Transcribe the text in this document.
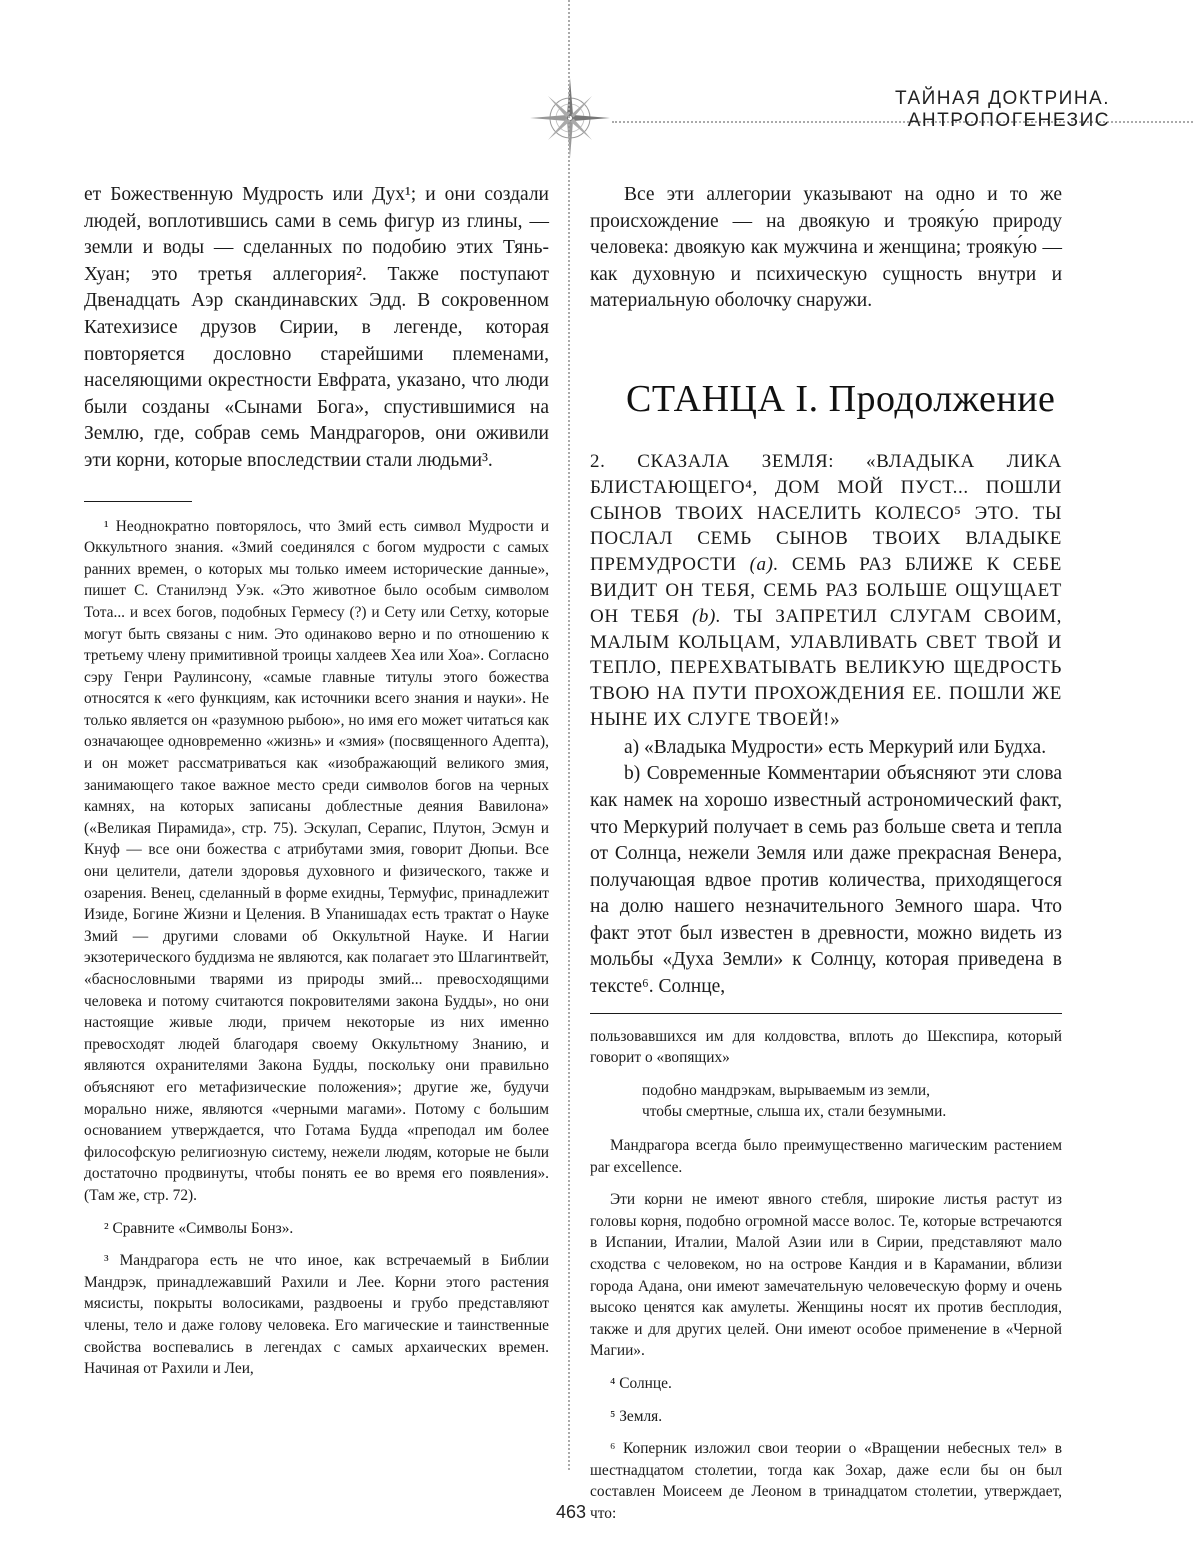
ТАЙНАЯ ДОКТРИНА. АНТРОПОГЕНЕЗИС

ет Божественную Мудрость или Дух¹; и они создали людей, воплотившись сами в семь фигур из глины, — земли и воды — сделанных по подобию этих Тянь-Хуан; это третья аллегория². Также поступают Двенадцать Аэр скандинавских Эдд. В сокровенном Катехизисе друзов Сирии, в легенде, которая повторяется дословно старейшими племенами, населяющими окрестности Евфрата, указано, что люди были созданы «Сынами Бога», спустившимися на Землю, где, собрав семь Мандрагоров, они оживили эти корни, которые впоследствии стали людьми³.

¹ Неоднократно повторялось, что Змий есть символ Мудрости и Оккультного знания. «Змий соединялся с богом мудрости с самых ранних времен, о которых мы только имеем исторические данные», пишет С. Станилэнд Уэк. «Это животное было особым символом Тота... и всех богов, подобных Гермесу (?) и Сету или Сетху, которые могут быть связаны с ним. Это одинаково верно и по отношению к третьему члену примитивной троицы халдеев Хеа или Хоа». Согласно сэру Генри Раулинсону, «самые главные титулы этого божества относятся к «его функциям, как источники всего знания и науки». Не только является он «разумною рыбою», но имя его может читаться как означающее одновременно «жизнь» и «змия» (посвященного Адепта), и он может рассматриваться как «изображающий великого змия, занимающего такое важное место среди символов богов на черных камнях, на которых записаны доблестные деяния Вавилона» («Великая Пирамида», стр. 75). Эскулап, Серапис, Плутон, Эсмун и Кнуф — все они божества с атрибутами змия, говорит Дюпьи. Все они целители, датели здоровья духовного и физического, также и озарения. Венец, сделанный в форме ехидны, Термуфис, принадлежит Изиде, Богине Жизни и Целения. В Упанишадах есть трактат о Науке Змий — другими словами об Оккультной Науке. И Нагии экзотерического буддизма не являются, как полагает это Шлагинтвейт, «баснословными тварями из природы змий... превосходящими человека и потому считаются покровителями закона Будды», но они настоящие живые люди, причем некоторые из них именно превосходят людей благодаря своему Оккультному Знанию, и являются охранителями Закона Будды, поскольку они правильно объясняют его метафизические положения»; другие же, будучи морально ниже, являются «черными магами». Потому с большим основанием утверждается, что Готама Будда «преподал им более философскую религиозную систему, нежели людям, которые не были достаточно продвинуты, чтобы понять ее во время его появления». (Там же, стр. 72).

² Сравните «Символы Бонз».

³ Мандрагора есть не что иное, как встречаемый в Библии Мандрэк, принадлежавший Рахили и Лее. Корни этого растения мясисты, покрыты волосиками, раздвоены и грубо представляют члены, тело и даже голову человека. Его магические и таинственные свойства воспевались в легендах с самых архаических времен. Начиная от Рахили и Леи,

Все эти аллегории указывают на одно и то же происхождение — на двоякую и трояку́ю природу человека: двоякую как мужчина и женщина; трояку́ю — как духовную и психическую сущность внутри и материальную оболочку снаружи.

СТАНЦА I. Продолжение

2. СКАЗАЛА ЗЕМЛЯ: «ВЛАДЫКА ЛИКА БЛИСТАЮЩЕГО⁴, ДОМ МОЙ ПУСТ... ПОШЛИ СЫНОВ ТВОИХ НАСЕЛИТЬ КОЛЕСО⁵ ЭТО. ТЫ ПОСЛАЛ СЕМЬ СЫНОВ ТВОИХ ВЛАДЫКЕ ПРЕМУДРОСТИ (a). СЕМЬ РАЗ БЛИЖЕ К СЕБЕ ВИДИТ ОН ТЕБЯ, СЕМЬ РАЗ БОЛЬШЕ ОЩУЩАЕТ ОН ТЕБЯ (b). ТЫ ЗАПРЕТИЛ СЛУГАМ СВОИМ, МАЛЫМ КОЛЬЦАМ, УЛАВЛИВАТЬ СВЕТ ТВОЙ И ТЕПЛО, ПЕРЕХВАТЫВАТЬ ВЕЛИКУЮ ЩЕДРОСТЬ ТВОЮ НА ПУТИ ПРОХОЖДЕНИЯ ЕЕ. ПОШЛИ ЖЕ НЫНЕ ИХ СЛУГЕ ТВОЕЙ!»

a) «Владыка Мудрости» есть Меркурий или Будха.

b) Современные Комментарии объясняют эти слова как намек на хорошо известный астрономический факт, что Меркурий получает в семь раз больше света и тепла от Солнца, нежели Земля или даже прекрасная Венера, получающая вдвое против количества, приходящегося на долю нашего незначительного Земного шара. Что факт этот был известен в древности, можно видеть из мольбы «Духа Земли» к Солнцу, которая приведена в тексте⁶. Солнце,

пользовавшихся им для колдовства, вплоть до Шекспира, который говорит о «вопящих»

подобно мандрэкам, вырываемым из земли,
чтобы смертные, слыша их, стали безумными.

Мандрагора всегда было преимущественно магическим растением par excellence.

Эти корни не имеют явного стебля, широкие листья растут из головы корня, подобно огромной массе волос. Те, которые встречаются в Испании, Италии, Малой Азии или в Сирии, представляют мало сходства с человеком, но на острове Кандия и в Карамании, вблизи города Адана, они имеют замечательную человеческую форму и очень высоко ценятся как амулеты. Женщины носят их против бесплодия, также и для других целей. Они имеют особое применение в «Черной Магии».

⁴ Солнце.

⁵ Земля.

⁶ Коперник изложил свои теории о «Вращении небесных тел» в шестнадцатом столетии, тогда как Зохар, даже если бы он был составлен Моисеем де Леоном в тринадцатом столетии, утверждает, что:

463
